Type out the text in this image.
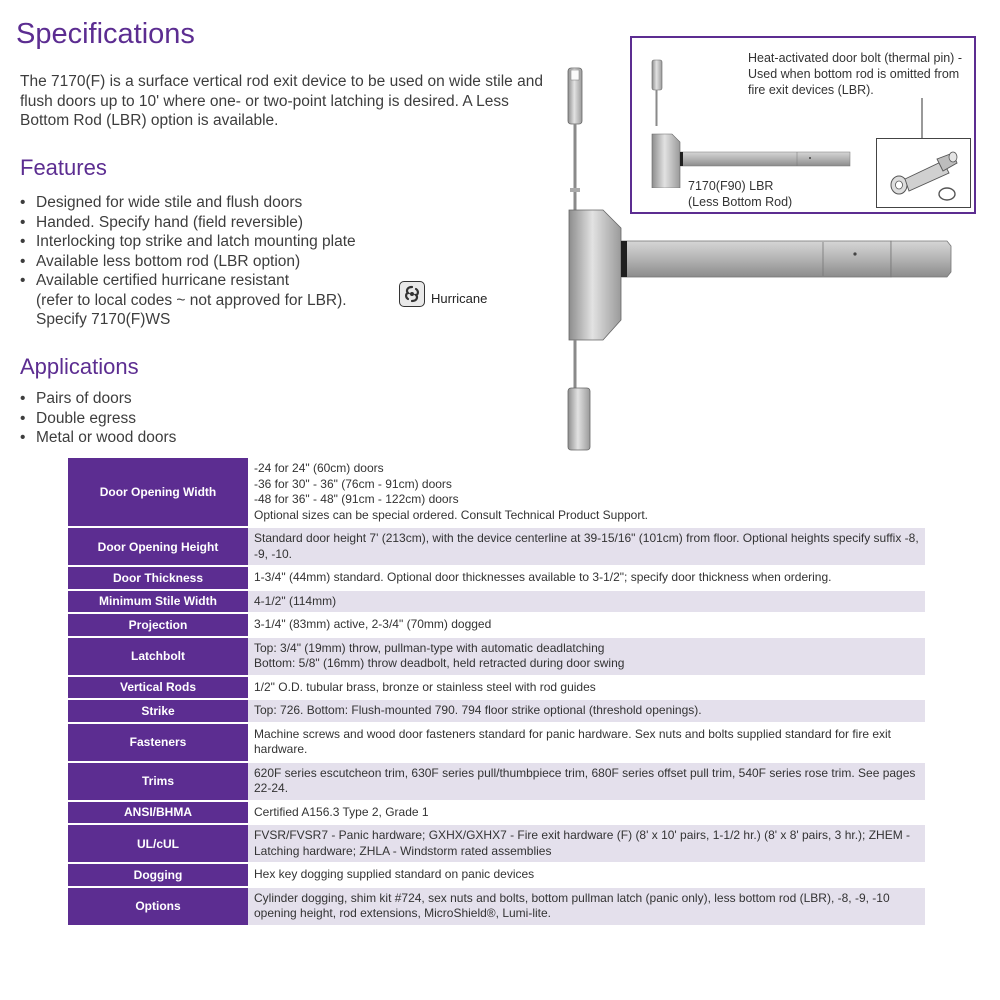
Specifications

The 7170(F) is a surface vertical rod exit device to be used on wide stile and flush doors up to 10' where one- or two-point latching is desired. A Less Bottom Rod (LBR) option is available.

Features
• Designed for wide stile and flush doors
• Handed. Specify hand (field reversible)
• Interlocking top strike and latch mounting plate
• Available less bottom rod (LBR option)
• Available certified hurricane resistant
(refer to local codes ~ not approved for LBR).
Specify 7170(F)WS
Hurricane
Applications
• Pairs of doors
• Double egress
• Metal or wood doors
Heat-activated door bolt (thermal pin) - Used when bottom rod is omitted from fire exit devices (LBR).
7170(F90) LBR
(Less Bottom Rod)
Door Opening Width	-24 for 24" (60cm) doors
-36 for 30" - 36" (76cm - 91cm) doors
-48 for 36" - 48" (91cm - 122cm) doors
Optional sizes can be special ordered. Consult Technical Product Support.
Door Opening Height	Standard door height 7' (213cm), with the device centerline at 39-15/16" (101cm) from floor. Optional heights specify suffix -8, -9, -10.
Door Thickness	1-3/4" (44mm) standard. Optional door thicknesses available to 3-1/2"; specify door thickness when ordering.
Minimum Stile Width	4-1/2" (114mm)
Projection	3-1/4" (83mm) active, 2-3/4" (70mm) dogged
Latchbolt	Top: 3/4" (19mm) throw, pullman-type with automatic deadlatching
Bottom: 5/8" (16mm) throw deadbolt, held retracted during door swing
Vertical Rods	1/2" O.D. tubular brass, bronze or stainless steel with rod guides
Strike	Top: 726. Bottom: Flush-mounted 790. 794 floor strike optional (threshold openings).
Fasteners	Machine screws and wood door fasteners standard for panic hardware. Sex nuts and bolts supplied standard for fire exit hardware.
Trims	620F series escutcheon trim, 630F series pull/thumbpiece trim, 680F series offset pull trim, 540F series rose trim. See pages 22-24.
ANSI/BHMA	Certified A156.3 Type 2, Grade 1
UL/cUL	FVSR/FVSR7 - Panic hardware; GXHX/GXHX7 - Fire exit hardware (F) (8' x 10' pairs, 1-1/2 hr.) (8' x 8' pairs, 3 hr.); ZHEM - Latching hardware; ZHLA - Windstorm rated assemblies
Dogging	Hex key dogging supplied standard on panic devices
Options	Cylinder dogging, shim kit #724, sex nuts and bolts, bottom pullman latch (panic only), less bottom rod (LBR), -8, -9, -10 opening height, rod extensions, MicroShield®, Lumi-lite.
